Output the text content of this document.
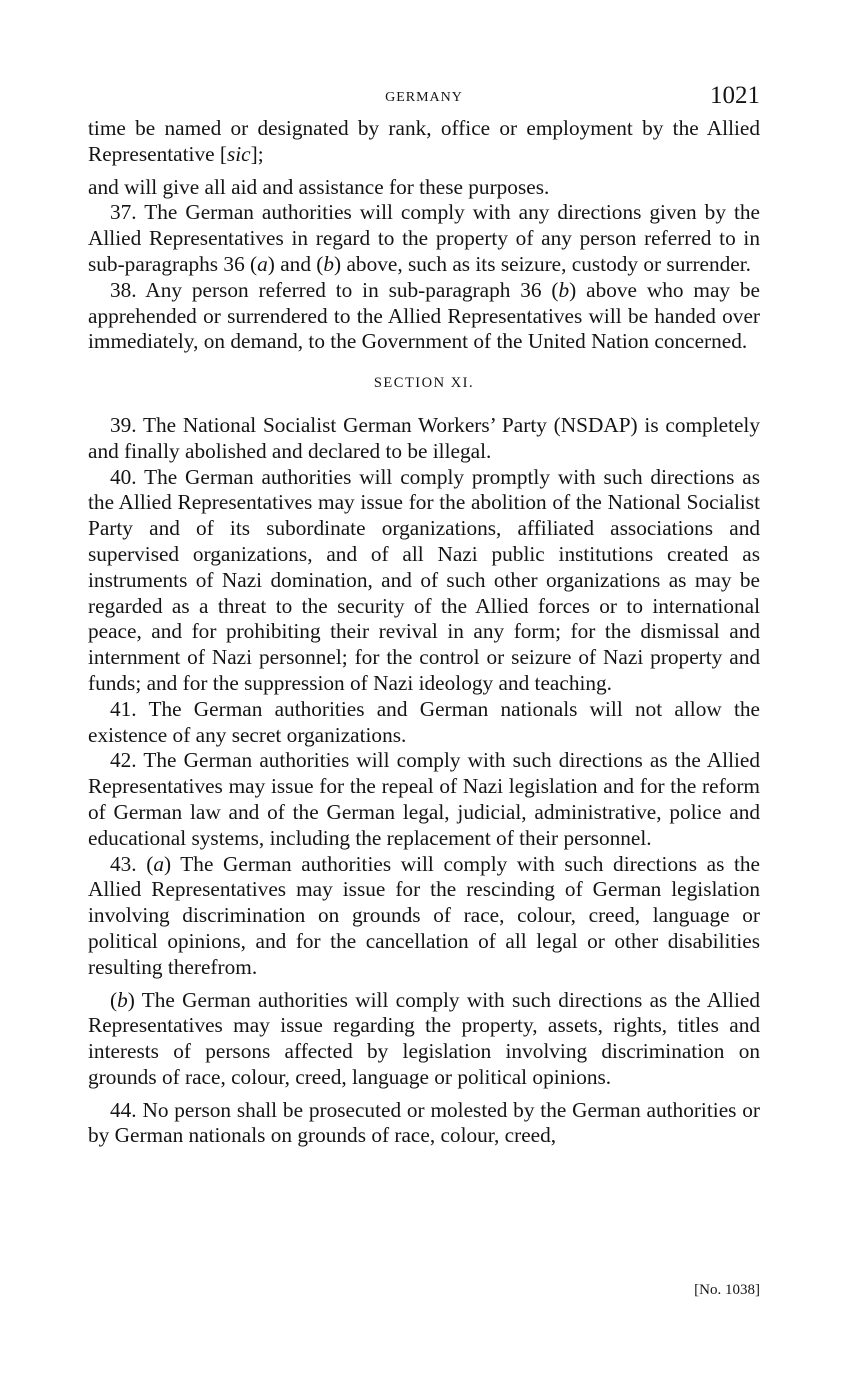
GERMANY	1021

time be named or designated by rank, office or employment by the Allied Representative [sic];

and will give all aid and assistance for these purposes.

37. The German authorities will comply with any directions given by the Allied Representatives in regard to the property of any person referred to in sub-paragraphs 36 (a) and (b) above, such as its seizure, custody or surrender.

38. Any person referred to in sub-paragraph 36 (b) above who may be apprehended or surrendered to the Allied Representatives will be handed over immediately, on demand, to the Government of the United Nation concerned.

SECTION XI.

39. The National Socialist German Workers’ Party (NSDAP) is completely and finally abolished and declared to be illegal.

40. The German authorities will comply promptly with such directions as the Allied Representatives may issue for the abolition of the National Socialist Party and of its subordinate organizations, affiliated associations and supervised organizations, and of all Nazi public institutions created as instruments of Nazi domination, and of such other organizations as may be regarded as a threat to the security of the Allied forces or to international peace, and for prohibiting their revival in any form; for the dismissal and internment of Nazi personnel; for the control or seizure of Nazi property and funds; and for the suppression of Nazi ideology and teaching.

41. The German authorities and German nationals will not allow the existence of any secret organizations.

42. The German authorities will comply with such directions as the Allied Representatives may issue for the repeal of Nazi legislation and for the reform of German law and of the German legal, judicial, administrative, police and educational systems, including the replacement of their personnel.

43. (a) The German authorities will comply with such directions as the Allied Representatives may issue for the rescinding of German legislation involving discrimination on grounds of race, colour, creed, language or political opinions, and for the cancellation of all legal or other disabilities resulting therefrom.

(b) The German authorities will comply with such directions as the Allied Representatives may issue regarding the property, assets, rights, titles and interests of persons affected by legislation involving discrimination on grounds of race, colour, creed, language or political opinions.

44. No person shall be prosecuted or molested by the German authorities or by German nationals on grounds of race, colour, creed,

[No. 1038]
